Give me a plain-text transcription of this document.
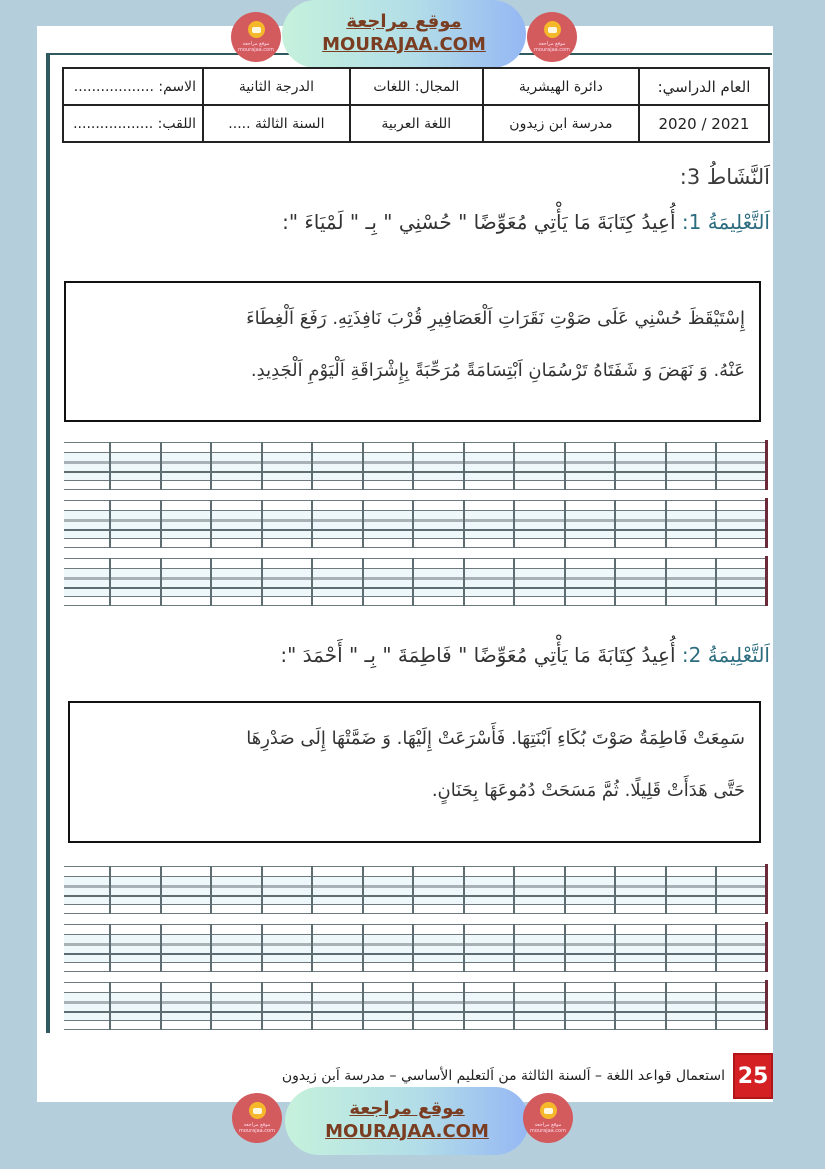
موقع مراجعة
mourajaa.com
موقع مراجعة
MOURAJAA.COM	موقع مراجعة
mourajaa.com
العام الدراسي:	دائرة الهيشرية	المجال: اللغات	الدرجة الثانية	الاسم: ..................
2021 / 2020	مدرسة ابن زيدون	اللغة العربية	السنة الثالثة .....	اللقب: ..................
اَلنَّشَاطُ 3:
اَلتَّعْلِيمَةُ 1: أُعِيدُ كِتَابَةَ مَا يَأْتِي مُعَوِّضًا " حُسْنِي " بِـ " لَمْيَاءَ ":
إِسْتَيْقَظَ حُسْنِي عَلَى صَوْتِ نَقَرَاتِ اَلْعَصَافِيرِ قُرْبَ نَافِذَتِهِ. رَفَعَ اَلْغِطَاءَ
عَنْهُ. وَ نَهَضَ وَ شَفَتَاهُ تَرْسُمَانِ اَبْتِسَامَةً مُرَحِّبَةً بِإِشْرَاقَةِ اَلْيَوْمِ اَلْجَدِيدِ.
اَلتَّعْلِيمَةُ 2: أُعِيدُ كِتَابَةَ مَا يَأْتِي مُعَوِّضًا " فَاطِمَةَ " بِـ " أَحْمَدَ ":
سَمِعَتْ فَاطِمَةُ صَوْتَ بُكَاءِ اَبْنَتِهَا. فَأَسْرَعَتْ إِلَيْهَا. وَ ضَمَّتْهَا إِلَى صَدْرِهَا
حَتَّى هَدَأَتْ قَلِيلًا. ثُمَّ مَسَحَتْ دُمُوعَهَا بِحَنَانٍ.
استعمال قواعد اللغة – اَلسنة الثالثة من اَلتعليم الأساسي – مدرسة اَبن زيدون 25
موقع مراجعة
mourajaa.com
موقع مراجعة
MOURAJAA.COM	موقع مراجعة
mourajaa.com
